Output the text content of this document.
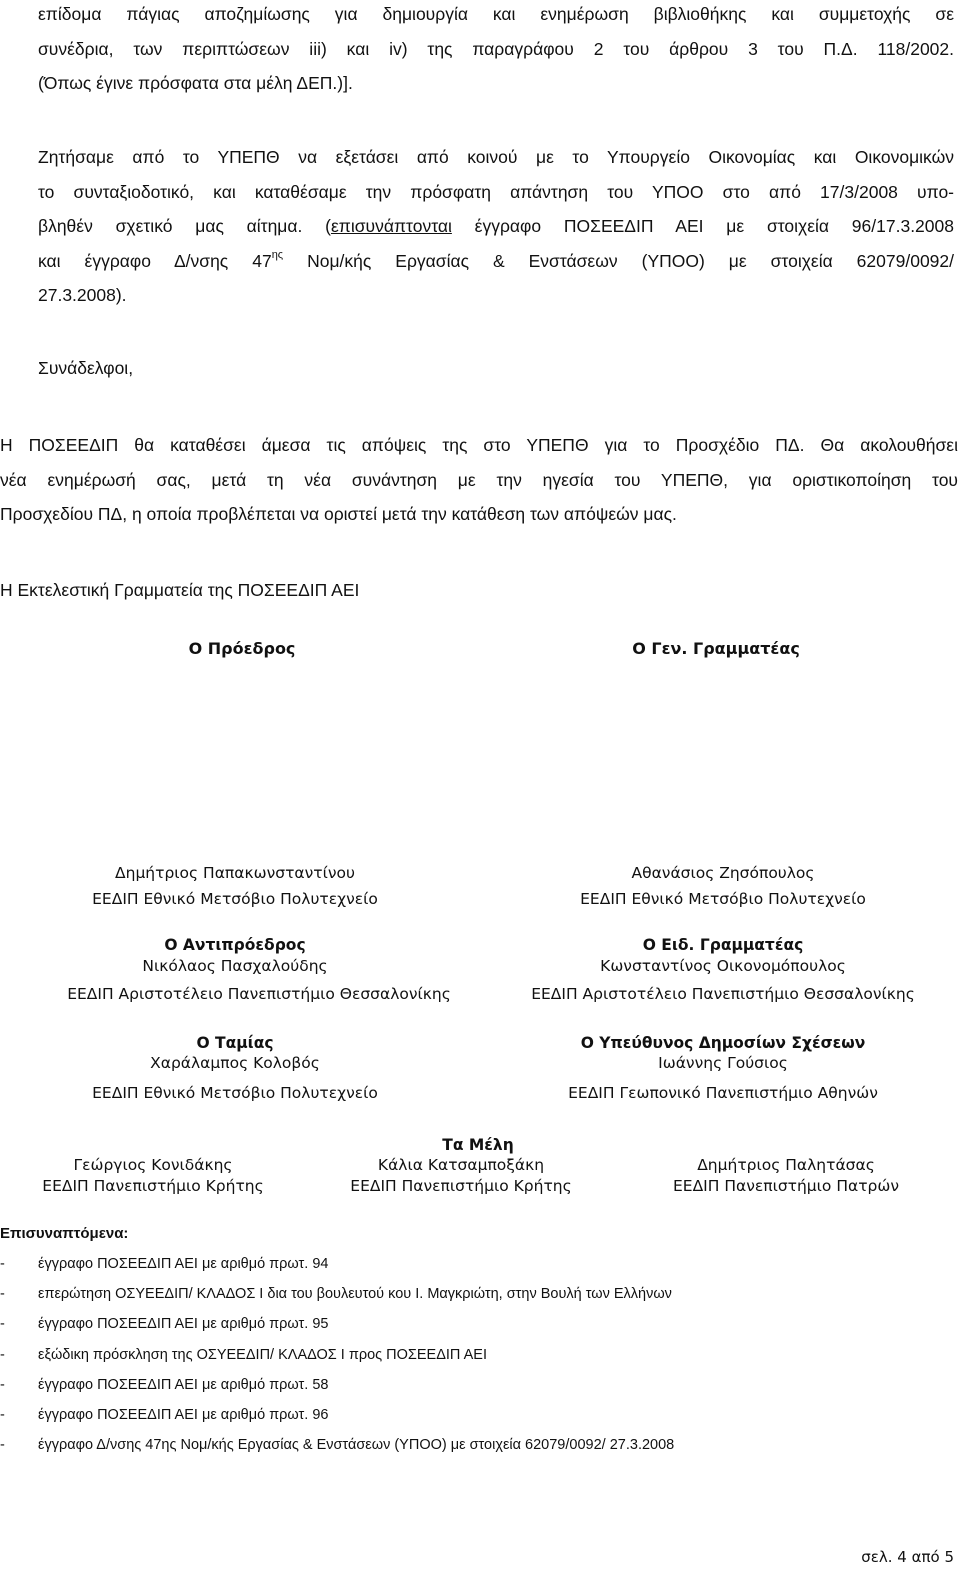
επίδομα πάγιας αποζημίωσης για δημιουργία και ενημέρωση βιβλιοθήκης και συμμετοχής σε
συνέδρια, των περιπτώσεων iii) και iv) της παραγράφου 2 του άρθρου 3 του Π.Δ. 118/2002.
(Όπως έγινε πρόσφατα στα μέλη ΔΕΠ.)].
Ζητήσαμε από το ΥΠΕΠΘ να εξετάσει από κοινού με το Υπουργείο Οικονομίας και Οικονομικών
το συνταξιοδοτικό, και καταθέσαμε την πρόσφατη απάντηση του ΥΠΟΟ στο από 17/3/2008 υπο-
βληθέν σχετικό μας αίτημα. (επισυνάπτονται έγγραφο ΠΟΣΕΕΔΙΠ ΑΕΙ με στοιχεία 96/17.3.2008
και έγγραφο Δ/νσης $47^{\eta\varsigma}$ Νομ/κής Εργασίας & Ενστάσεων (ΥΠΟΟ) με στοιχεία 62079/0092/
27.3.2008).
Συνάδελφοι,
Η ΠΟΣΕΕΔΙΠ θα καταθέσει άμεσα τις απόψεις της στο ΥΠΕΠΘ για το Προσχέδιο ΠΔ. Θα ακολουθήσει
νέα ενημέρωσή σας, μετά τη νέα συνάντηση με την ηγεσία του ΥΠΕΠΘ, για οριστικοποίηση του
Προσχεδίου ΠΔ, η οποία προβλέπεται να οριστεί μετά την κατάθεση των απόψεών μας.
Η Εκτελεστική Γραμματεία της ΠΟΣΕΕΔΙΠ ΑΕΙ
Ο Πρόεδρος	Ο Γεν. Γραμματέας
Δημήτριος Παπακωνσταντίνου
ΕΕΔΙΠ Εθνικό Μετσόβιο Πολυτεχνείο
Αθανάσιος Ζησόπουλος
ΕΕΔΙΠ Εθνικό Μετσόβιο Πολυτεχνείο
Ο Αντιπρόεδρος
Νικόλαος Πασχαλούδης
ΕΕΔΙΠ Αριστοτέλειο Πανεπιστήμιο Θεσσαλονίκης
Ο Ειδ. Γραμματέας
Κωνσταντίνος Οικονομόπουλος
ΕΕΔΙΠ Αριστοτέλειο Πανεπιστήμιο Θεσσαλονίκης
Ο Ταμίας
Χαράλαμπος Κολοβός
ΕΕΔΙΠ Εθνικό Μετσόβιο Πολυτεχνείο
Ο Υπεύθυνος Δημοσίων Σχέσεων
Ιωάννης Γούσιος
ΕΕΔΙΠ Γεωπονικό Πανεπιστήμιο Αθηνών
Τα Μέλη
Γεώργιος Κονιδάκης
ΕΕΔΙΠ Πανεπιστήμιο Κρήτης
Κάλια Κατσαμποξάκη
ΕΕΔΙΠ Πανεπιστήμιο Κρήτης
Δημήτριος Παλητάσας
ΕΕΔΙΠ Πανεπιστήμιο Πατρών
Επισυναπτόμενα:
- έγγραφο ΠΟΣΕΕΔΙΠ ΑΕΙ με αριθμό πρωτ. 94
- επερώτηση ΟΣΥΕΕΔΙΠ/ ΚΛΑΔΟΣ Ι δια του βουλευτού κου Ι. Μαγκριώτη, στην Βουλή των Ελλήνων
- έγγραφο ΠΟΣΕΕΔΙΠ ΑΕΙ με αριθμό πρωτ. 95
- εξώδικη πρόσκληση της ΟΣΥΕΕΔΙΠ/ ΚΛΑΔΟΣ Ι προς ΠΟΣΕΕΔΙΠ ΑΕΙ
- έγγραφο ΠΟΣΕΕΔΙΠ ΑΕΙ με αριθμό πρωτ. 58
- έγγραφο ΠΟΣΕΕΔΙΠ ΑΕΙ με αριθμό πρωτ. 96
- έγγραφο Δ/νσης 47ης Νομ/κής Εργασίας & Ενστάσεων (ΥΠΟΟ) με στοιχεία 62079/0092/ 27.3.2008
σελ. 4 από 5
